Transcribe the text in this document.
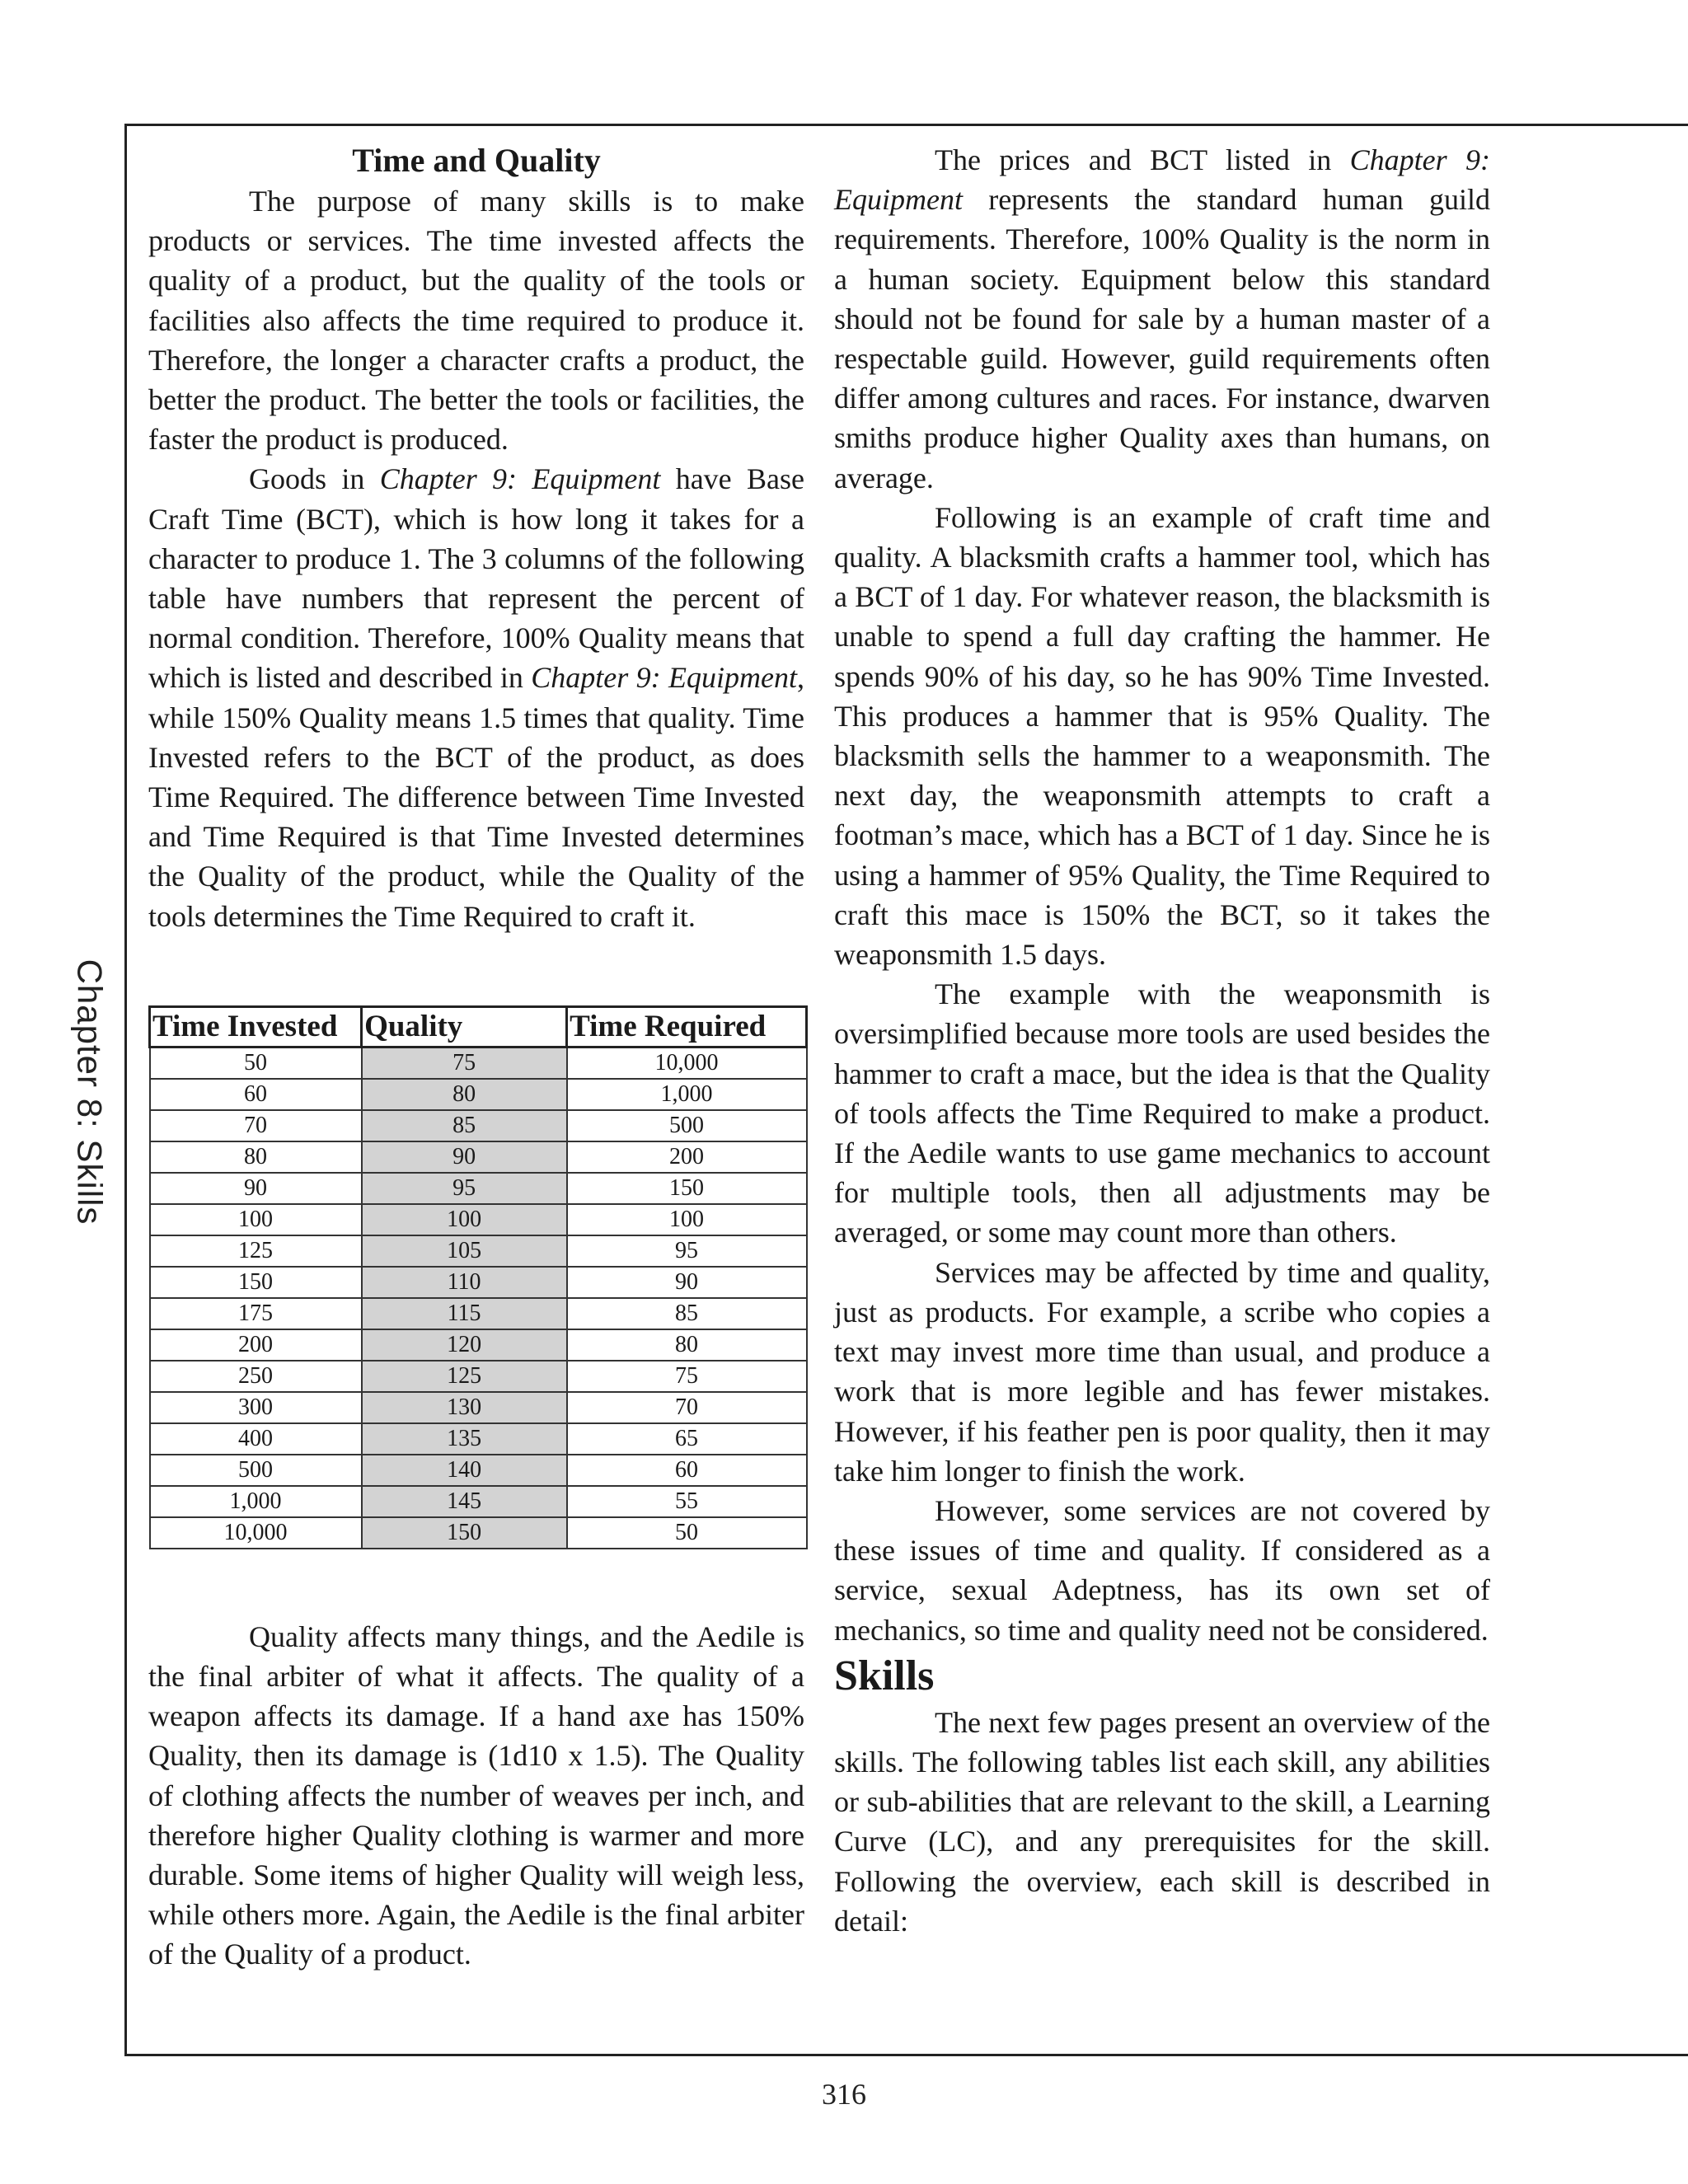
Chapter 8: Skills

Time and Quality

The purpose of many skills is to make products or services. The time invested affects the quality of a product, but the quality of the tools or facilities also affects the time required to produce it. Therefore, the longer a character crafts a product, the better the product. The better the tools or facilities, the faster the product is produced.

Goods in Chapter 9: Equipment have Base Craft Time (BCT), which is how long it takes for a character to produce 1. The 3 columns of the following table have numbers that represent the percent of normal condition. Therefore, 100% Quality means that which is listed and described in Chapter 9: Equipment, while 150% Quality means 1.5 times that quality. Time Invested refers to the BCT of the product, as does Time Required. The difference between Time Invested and Time Required is that Time Invested determines the Quality of the product, while the Quality of the tools determines the Time Required to craft it.

Time Invested	Quality	Time Required
50	75	10,000
60	80	1,000
70	85	500
80	90	200
90	95	150
100	100	100
125	105	95
150	110	90
175	115	85
200	120	80
250	125	75
300	130	70
400	135	65
500	140	60
1,000	145	55
10,000	150	50

Quality affects many things, and the Aedile is the final arbiter of what it affects. The quality of a weapon affects its damage. If a hand axe has 150% Quality, then its damage is (1d10 x 1.5). The Quality of clothing affects the number of weaves per inch, and therefore higher Quality clothing is warmer and more durable. Some items of higher Quality will weigh less, while others more. Again, the Aedile is the final arbiter of the Quality of a product.

The prices and BCT listed in Chapter 9: Equipment represents the standard human guild requirements. Therefore, 100% Quality is the norm in a human society. Equipment below this standard should not be found for sale by a human master of a respectable guild. However, guild requirements often differ among cultures and races. For instance, dwarven smiths produce higher Quality axes than humans, on average.

Following is an example of craft time and quality. A blacksmith crafts a hammer tool, which has a BCT of 1 day. For whatever reason, the blacksmith is unable to spend a full day crafting the hammer. He spends 90% of his day, so he has 90% Time Invested. This produces a hammer that is 95% Quality. The blacksmith sells the hammer to a weaponsmith. The next day, the weaponsmith attempts to craft a footman’s mace, which has a BCT of 1 day. Since he is using a hammer of 95% Quality, the Time Required to craft this mace is 150% the BCT, so it takes the weaponsmith 1.5 days.

The example with the weaponsmith is oversimplified because more tools are used besides the hammer to craft a mace, but the idea is that the Quality of tools affects the Time Required to make a product. If the Aedile wants to use game mechanics to account for multiple tools, then all adjustments may be averaged, or some may count more than others.

Services may be affected by time and quality, just as products. For example, a scribe who copies a text may invest more time than usual, and produce a work that is more legible and has fewer mistakes. However, if his feather pen is poor quality, then it may take him longer to finish the work.

However, some services are not covered by these issues of time and quality. If considered as a service, sexual Adeptness, has its own set of mechanics, so time and quality need not be considered.

Skills

The next few pages present an overview of the skills. The following tables list each skill, any abilities or sub-abilities that are relevant to the skill, a Learning Curve (LC), and any prerequisites for the skill. Following the overview, each skill is described in detail:

316
